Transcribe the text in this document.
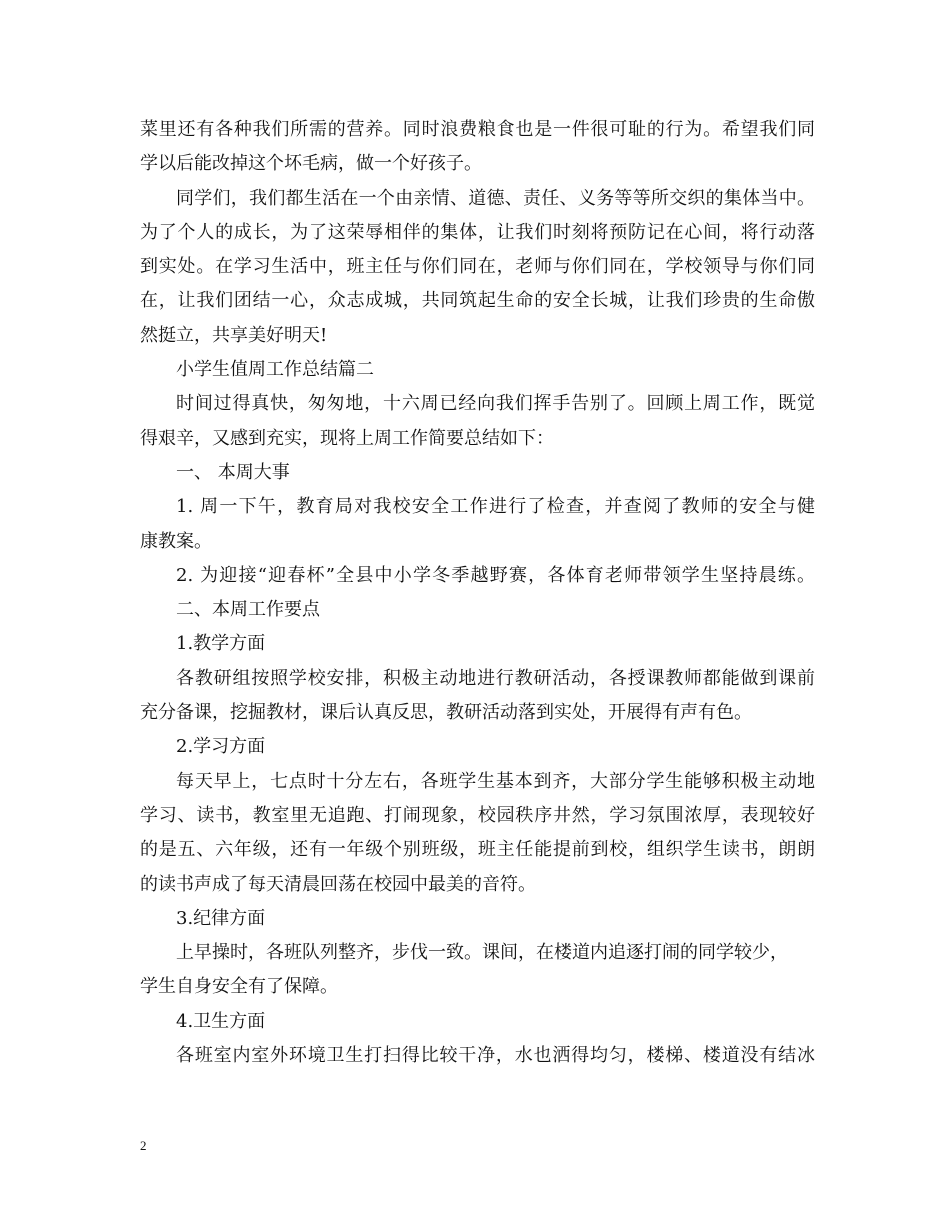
菜里还有各种我们所需的营养。同时浪费粮食也是一件很可耻的行为。希望我们同
学以后能改掉这个坏毛病，做一个好孩子。
同学们，我们都生活在一个由亲情、道德、责任、义务等等所交织的集体当中。
为了个人的成长，为了这荣辱相伴的集体，让我们时刻将预防记在心间，将行动落
到实处。在学习生活中，班主任与你们同在，老师与你们同在，学校领导与你们同
在，让我们团结一心，众志成城，共同筑起生命的安全长城，让我们珍贵的生命傲
然挺立，共享美好明天!
小学生值周工作总结篇二
时间过得真快，匆匆地，十六周已经向我们挥手告别了。回顾上周工作，既觉
得艰辛，又感到充实，现将上周工作简要总结如下：
一、 本周大事
1. 周一下午，教育局对我校安全工作进行了检查，并查阅了教师的安全与健
康教案。
2. 为迎接“迎春杯”全县中小学冬季越野赛，各体育老师带领学生坚持晨练。
二、本周工作要点
1.教学方面
各教研组按照学校安排，积极主动地进行教研活动，各授课教师都能做到课前
充分备课，挖掘教材，课后认真反思，教研活动落到实处，开展得有声有色。
2.学习方面
每天早上，七点时十分左右，各班学生基本到齐，大部分学生能够积极主动地
学习、读书，教室里无追跑、打闹现象，校园秩序井然，学习氛围浓厚，表现较好
的是五、六年级，还有一年级个别班级，班主任能提前到校，组织学生读书，朗朗
的读书声成了每天清晨回荡在校园中最美的音符。
3.纪律方面
上早操时，各班队列整齐，步伐一致。课间，在楼道内追逐打闹的同学较少，
学生自身安全有了保障。
4.卫生方面
各班室内室外环境卫生打扫得比较干净，水也洒得均匀，楼梯、楼道没有结冰
2
